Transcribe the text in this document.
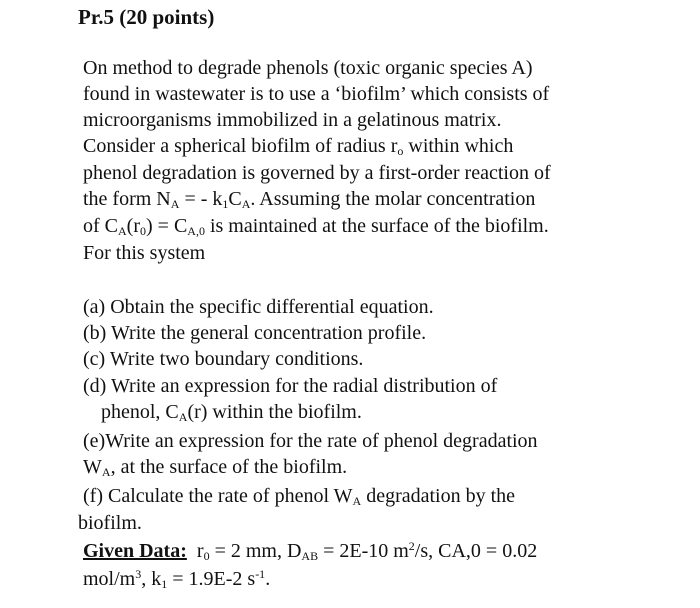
Pr.5 (20 points)
On method to degrade phenols (toxic organic species A)
found in wastewater is to use a ‘biofilm’ which consists of
microorganisms immobilized in a gelatinous matrix.
Consider a spherical biofilm of radius $r_o$ within which
phenol degradation is governed by a first-order reaction of
the form $N_A$ = - $k_1C_A$. Assuming the molar concentration
of $C_A(r_0) = C_{A,0}$ is maintained at the surface of the biofilm.
For this system
(a) Obtain the specific differential equation.
(b) Write the general concentration profile.
(c) Write two boundary conditions.
(d) Write an expression for the radial distribution of
phenol, $C_A(r)$ within the biofilm.
(e)Write an expression for the rate of phenol degradation
$W_A$, at the surface of the biofilm.
(f) Calculate the rate of phenol $W_A$ degradation by the
biofilm.
Given Data:  $r_0 = 2$ mm, $D_{AB} = 2E-10$ $m^2/s$, CA,0 = 0.02
mol/$m^3$, $k_1 = 1.9E-2$ $s^{-1}$.
